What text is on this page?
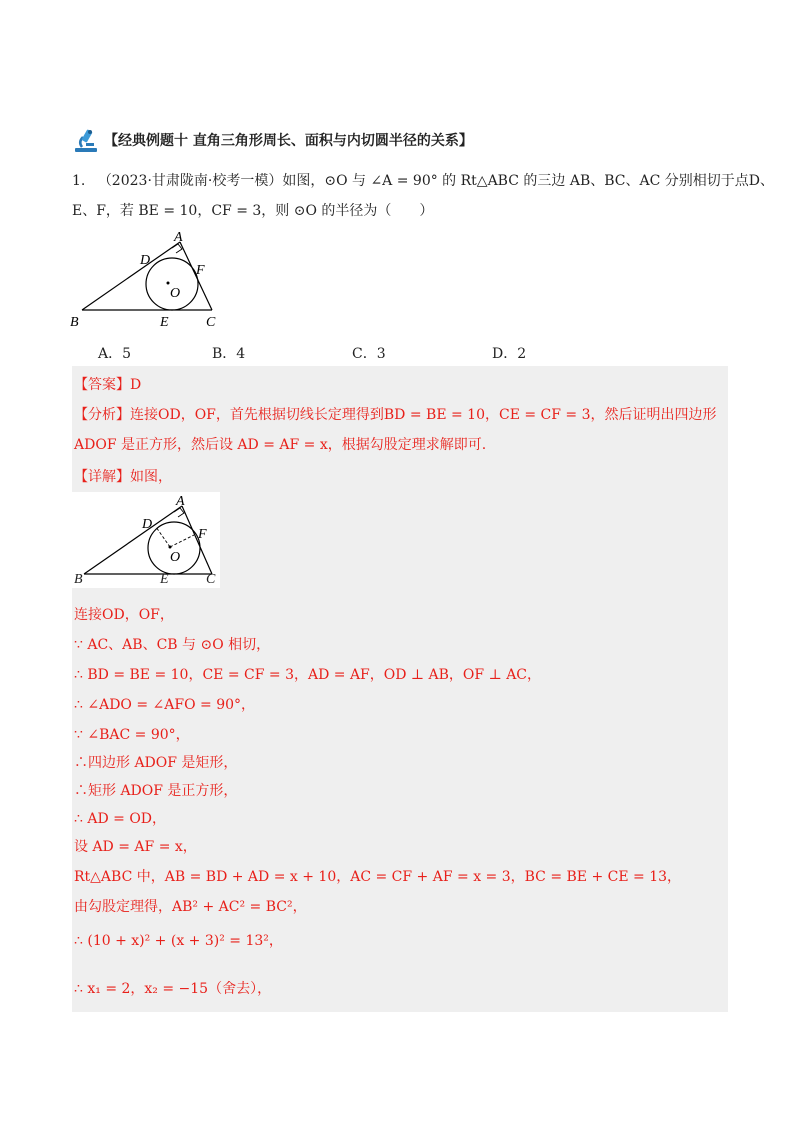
【经典例题十 直角三角形周长、面积与内切圆半径的关系】
1. （2023·甘肃陇南·校考一模）如图，⊙O 与 ∠A = 90° 的 Rt△ABC 的三边 AB、BC、AC 分别相切于点D、
E、F，若 BE = 10，CF = 3，则 ⊙O 的半径为（　　）
A
D
F
O
B	E	C
A．5	B．4	C．3	D．2
【答案】D
【分析】连接OD，OF，首先根据切线长定理得到BD = BE = 10，CE = CF = 3，然后证明出四边形
ADOF 是正方形，然后设 AD = AF = x，根据勾股定理求解即可.
【详解】如图，
A
D
F
O
B	E	C
连接OD，OF，
∵ AC、AB、CB 与 ⊙O 相切，
∴ BD = BE = 10，CE = CF = 3，AD = AF，OD ⊥ AB，OF ⊥ AC，
∴ ∠ADO = ∠AFO = 90°，
∵ ∠BAC = 90°，
∴四边形 ADOF 是矩形，
∴矩形 ADOF 是正方形，
∴ AD = OD，
设 AD = AF = x，
Rt△ABC 中，AB = BD + AD = x + 10，AC = CF + AF = x = 3，BC = BE + CE = 13，
由勾股定理得，AB² + AC² = BC²，
∴ (10 + x)² + (x + 3)² = 13²，
∴ x₁ = 2，x₂ = −15（舍去），
